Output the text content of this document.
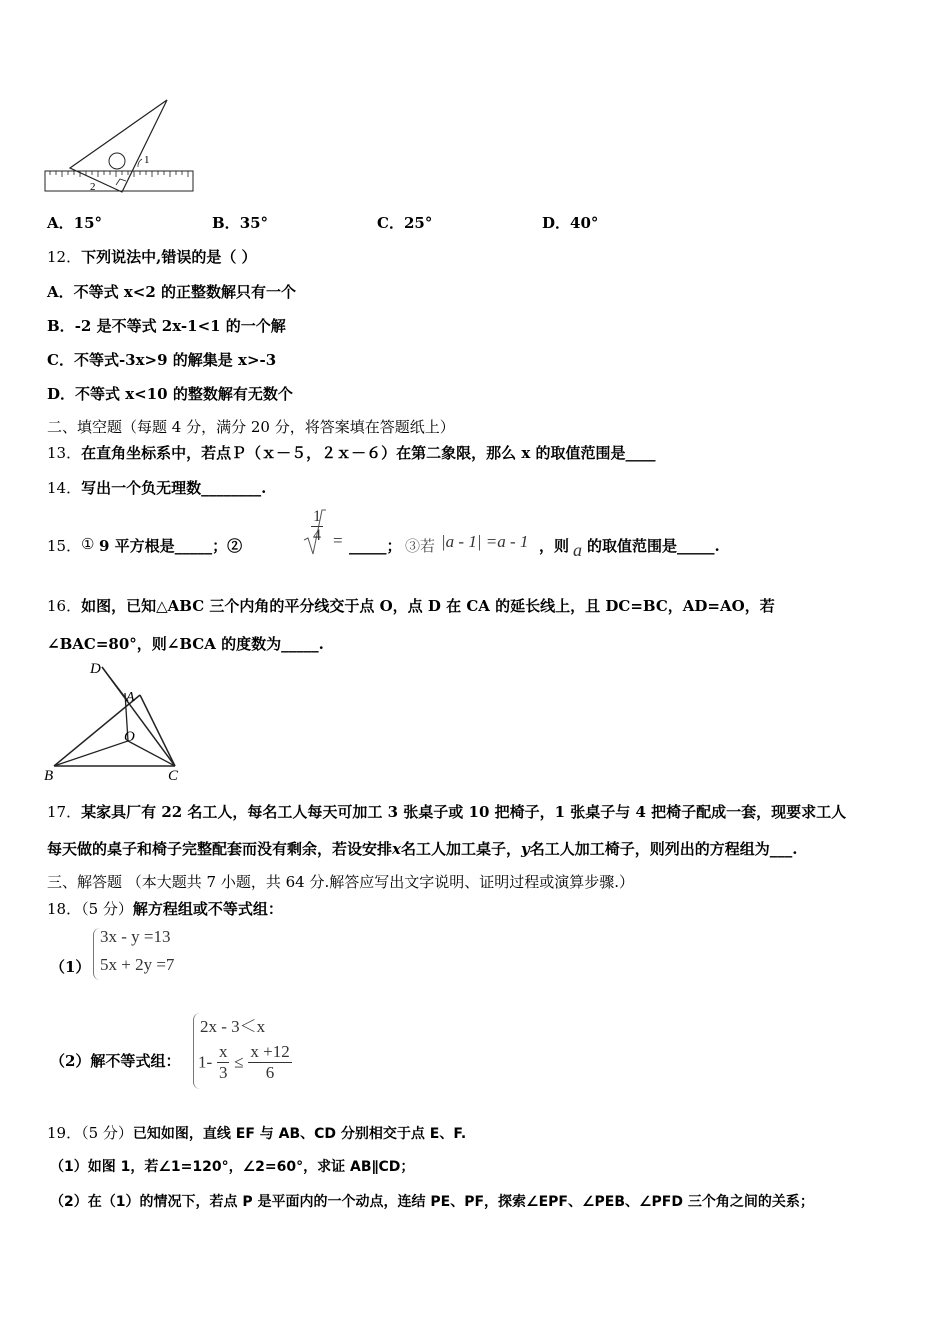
1
2
A．15°	B．35°	C．25°	D．40°
12．下列说法中,错误的是（ ）
A．不等式 x<2 的正整数解只有一个
B．-2 是不等式 2x-1<1 的一个解
C．不等式-3x>9 的解集是 x>-3
D．不等式 x<10 的整数解有无数个
二、填空题（每题 4 分，满分 20 分，将答案填在答题纸上）
13．在直角坐标系中，若点Ｐ（ｘ－５，２ｘ－６）在第二象限，那么 x 的取值范围是____
14．写出一个负无理数________.
15． ① 9 平方根是_____；②
$\frac{1}{4}$ = _____； ③若 |a - 1| =a - 1 ，则 a 的取值范围是_____.
16．如图，已知△ABC 三个内角的平分线交于点 O，点 D 在 CA 的延长线上，且 DC=BC，AD=AO，若
∠BAC=80°，则∠BCA 的度数为_____.
D
A
O
B	C
17．某家具厂有 22 名工人，每名工人每天可加工 3 张桌子或 10 把椅子，1 张桌子与 4 把椅子配成一套，现要求工人
每天做的桌子和椅子完整配套而没有剩余，若设安排x名工人加工桌子，y名工人加工椅子，则列出的方程组为___.
三、解答题 （本大题共 7 小题，共 64 分.解答应写出文字说明、证明过程或演算步骤.）
18．（5 分）解方程组或不等式组：
（1）
3x - y =13
5x + 2y =7
（2）解不等式组：
2x - 3＜x
$1- \frac{x}{3} \le \frac{x +12}{6}$
19．（5 分）已知如图，直线 EF 与 AB、CD 分别相交于点 E、F.
（1）如图 1，若∠1=120°，∠2=60°，求证 AB∥CD；
（2）在（1）的情况下，若点 P 是平面内的一个动点，连结 PE、PF，探索∠EPF、∠PEB、∠PFD 三个角之间的关系；
